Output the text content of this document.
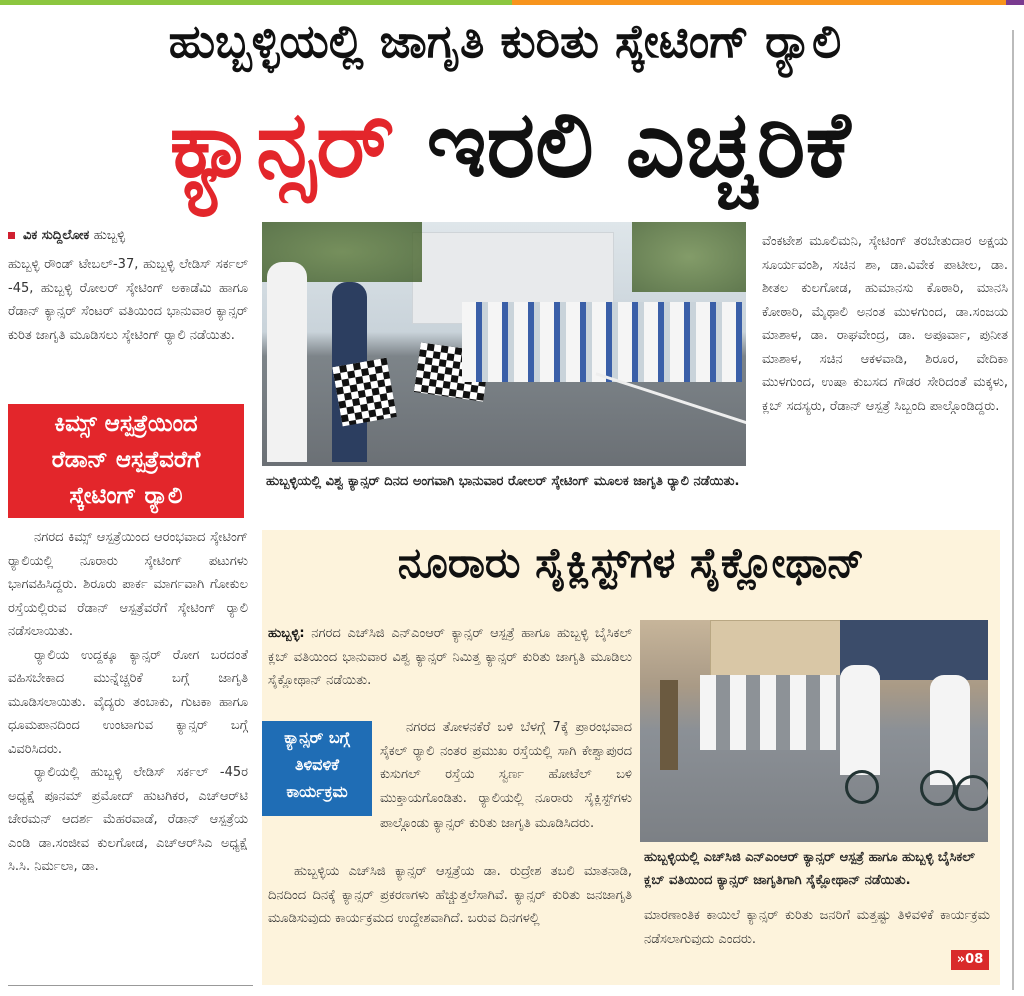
ಹುಬ್ಬಳ್ಳಿಯಲ್ಲಿ ಜಾಗೃತಿ ಕುರಿತು ಸ್ಕೇಟಿಂಗ್ ರ‍್ಯಾಲಿ
ಕ್ಯಾನ್ಸರ್ ಇರಲಿ ಎಚ್ಚರಿಕೆ
ವಿಕ ಸುದ್ದಿಲೋಕ ಹುಬ್ಬಳ್ಳಿ

ಹುಬ್ಬಳ್ಳಿ ರೌಂಡ್ ಟೇಬಲ್-37, ಹುಬ್ಬಳ್ಳಿ ಲೇಡಿಸ್ ಸರ್ಕಲ್ -45, ಹುಬ್ಬಳ್ಳಿ ರೋಲರ್ ಸ್ಕೇಟಿಂಗ್ ಅಕಾಡೆಮಿ ಹಾಗೂ ರೆಡಾನ್ ಕ್ಯಾನ್ಸರ್ ಸೆಂಟರ್ ವತಿಯಿಂದ ಭಾನುವಾರ ಕ್ಯಾನ್ಸರ್ ಕುರಿತ ಜಾಗೃತಿ ಮೂಡಿಸಲು ಸ್ಕೇಟಿಂಗ್ ರ‍್ಯಾಲಿ ನಡೆಯಿತು.

ಕಿಮ್ಸ್ ಆಸ್ಪತ್ರೆಯಿಂದ
ರೆಡಾನ್ ಆಸ್ಪತ್ರೆವರೆಗೆ
ಸ್ಕೇಟಿಂಗ್ ರ‍್ಯಾಲಿ

ನಗರದ ಕಿಮ್ಸ್ ಆಸ್ಪತ್ರೆಯಿಂದ ಆರಂಭವಾದ ಸ್ಕೇಟಿಂಗ್ ರ‍್ಯಾಲಿಯಲ್ಲಿ ನೂರಾರು ಸ್ಕೇಟಿಂಗ್ ಪಟುಗಳು ಭಾಗವಹಿಸಿದ್ದರು. ಶಿರೂರು ಪಾರ್ಕ ಮಾರ್ಗವಾಗಿ ಗೋಕುಲ ರಸ್ತೆಯಲ್ಲಿರುವ ರೆಡಾನ್ ಆಸ್ಪತ್ರೆವರೆಗೆ ಸ್ಕೇಟಿಂಗ್ ರ‍್ಯಾಲಿ ನಡೆಸಲಾಯಿತು.

ರ‍್ಯಾಲಿಯ ಉದ್ದಕ್ಕೂ ಕ್ಯಾನ್ಸರ್ ರೋಗ ಬರದಂತೆ ವಹಿಸಬೇಕಾದ ಮುನ್ನೆಚ್ಚರಿಕೆ ಬಗ್ಗೆ ಜಾಗೃತಿ ಮೂಡಿಸಲಾಯಿತು. ವೈದ್ಯರು ತಂಬಾಕು, ಗುಟಕಾ ಹಾಗೂ ಧೂಮಪಾನದಿಂದ ಉಂಟಾಗುವ ಕ್ಯಾನ್ಸರ್ ಬಗ್ಗೆ ವಿವರಿಸಿದರು.

ರ‍್ಯಾಲಿಯಲ್ಲಿ ಹುಬ್ಬಳ್ಳಿ ಲೇಡಿಸ್ ಸರ್ಕಲ್ -45ರ ಅಧ್ಯಕ್ಷೆ ಪೂನಮ್ ಪ್ರಮೋದ್ ಹುಟಗಿಕರ, ಎಚ್‌ಆರ್‌ಟಿ ಚೇರಮನ್ ಆದರ್ಶ ಮೆಹರವಾಡೆ, ರೆಡಾನ್ ಆಸ್ಪತ್ರೆಯ ಎಂಡಿ ಡಾ.ಸಂಜೀವ ಕುಲಗೋಡ, ಎಚ್‌ಆರ್‌ಸಿಎ ಅಧ್ಯಕ್ಷೆ ಸಿ.ಸಿ. ನಿರ್ಮಲಾ, ಡಾ.

ಹುಬ್ಬಳ್ಳಿಯಲ್ಲಿ ವಿಶ್ವ ಕ್ಯಾನ್ಸರ್ ದಿನದ ಅಂಗವಾಗಿ ಭಾನುವಾರ ರೋಲರ್ ಸ್ಕೇಟಿಂಗ್ ಮೂಲಕ ಜಾಗೃತಿ ರ‍್ಯಾಲಿ ನಡೆಯಿತು.

ವೆಂಕಟೇಶ ಮೂಲಿಮನಿ, ಸ್ಕೇಟಿಂಗ್ ತರಬೇತುದಾರ ಅಕ್ಷಯ ಸೂರ್ಯವಂಶಿ, ಸಚಿನ ಶಾ, ಡಾ.ವಿವೇಕ ಪಾಟೀಲ, ಡಾ. ಶೀತಲ ಕುಲಗೋಡ, ಹುಮಾನಸು ಕೊಠಾರಿ, ಮಾನಸಿ ಕೋಠಾರಿ, ಮೈಥಾಲಿ ಅನಂತ ಮುಳಗುಂದ, ಡಾ.ಸಂಜಯ ಮಾಶಾಳ, ಡಾ. ರಾಘವೇಂದ್ರ, ಡಾ. ಅಪೂರ್ವಾ, ಪುನೀತ ಮಾಶಾಳ, ಸಚಿನ ಆಕಳವಾಡಿ, ಶಿರೂರ, ವೇದಿಕಾ ಮುಳಗುಂದ, ಉಷಾ ಕುಬಸದ ಗೌಡರ ಸೇರಿದಂತೆ ಮಕ್ಕಳು, ಕ್ಲಬ್ ಸದಸ್ಯರು, ರೆಡಾನ್ ಆಸ್ಪತ್ರೆ ಸಿಬ್ಬಂದಿ ಪಾಲ್ಗೊಂಡಿದ್ದರು.

ನೂರಾರು ಸೈಕ್ಲಿಸ್ಟ್‌ಗಳ ಸೈಕ್ಲೋಥಾನ್

ಹುಬ್ಬಳ್ಳಿ: ನಗರದ ಎಚ್‌ಸಿಜಿ ಎನ್‌ಎಂಆರ್ ಕ್ಯಾನ್ಸರ್ ಆಸ್ಪತ್ರೆ ಹಾಗೂ ಹುಬ್ಬಳ್ಳಿ ಬೈಸಿಕಲ್ ಕ್ಲಬ್ ವತಿಯಿಂದ ಭಾನುವಾರ ವಿಶ್ವ ಕ್ಯಾನ್ಸರ್ ನಿಮಿತ್ತ ಕ್ಯಾನ್ಸರ್ ಕುರಿತು ಜಾಗೃತಿ ಮೂಡಿಲು ಸೈಕ್ಲೋಥಾನ್ ನಡೆಯಿತು.

ಕ್ಯಾನ್ಸರ್ ಬಗ್ಗೆ
ತಿಳಿವಳಿಕೆ
ಕಾರ್ಯಕ್ರಮ

ನಗರದ ತೋಳನಕೆರೆ ಬಳಿ ಬೆಳಗ್ಗೆ 7ಕ್ಕೆ ಪ್ರಾರಂಭವಾದ ಸೈಕಲ್ ರ‍್ಯಾಲಿ ನಂತರ ಪ್ರಮುಖ ರಸ್ತೆಯಲ್ಲಿ ಸಾಗಿ ಕೇಶ್ವಾಪುರದ ಕುಸುಗಲ್ ರಸ್ತೆಯ ಸ್ವರ್ಣ ಹೋಟೆಲ್ ಬಳಿ ಮುಕ್ತಾಯಗೊಂಡಿತು. ರ‍್ಯಾಲಿಯಲ್ಲಿ ನೂರಾರು ಸೈಕ್ಲಿಸ್ಟ್‌ಗಳು

ಪಾಲ್ಗೊಂಡು ಕ್ಯಾನ್ಸರ್ ಕುರಿತು ಜಾಗೃತಿ ಮೂಡಿಸಿದರು.

ಹುಬ್ಬಳ್ಳಿಯ ಎಚ್‌ಸಿಜಿ ಕ್ಯಾನ್ಸರ್ ಆಸ್ಪತ್ರೆಯ ಡಾ. ರುದ್ರೇಶ ತಬಲಿ ಮಾತನಾಡಿ, ದಿನದಿಂದ ದಿನಕ್ಕೆ ಕ್ಯಾನ್ಸರ್ ಪ್ರಕರಣಗಳು ಹೆಚ್ಚುತ್ತಲೆಸಾಗಿವೆ. ಕ್ಯಾನ್ಸರ್ ಕುರಿತು ಜನಜಾಗೃತಿ ಮೂಡಿಸುವುದು ಕಾರ್ಯಕ್ರಮದ ಉದ್ದೇಶವಾಗಿದೆ. ಬರುವ ದಿನಗಳಲ್ಲಿ

ಹುಬ್ಬಳ್ಳಿಯಲ್ಲಿ ಎಚ್‌ಸಿಜಿ ಎನ್‌ಎಂಆರ್ ಕ್ಯಾನ್ಸರ್ ಆಸ್ಪತ್ರೆ ಹಾಗೂ ಹುಬ್ಬಳ್ಳಿ ಬೈಸಿಕಲ್ ಕ್ಲಬ್ ವತಿಯಿಂದ ಕ್ಯಾನ್ಸರ್ ಜಾಗೃತಿಗಾಗಿ ಸೈಕ್ಲೋಥಾನ್ ನಡೆಯಿತು.

ಮಾರಣಾಂತಿಕ ಕಾಯಿಲೆ ಕ್ಯಾನ್ಸರ್ ಕುರಿತು ಜನರಿಗೆ ಮತ್ತಷ್ಟು ತಿಳಿವಳಿಕೆ ಕಾರ್ಯಕ್ರಮ ನಡೆಸಲಾಗುವುದು ಎಂದರು.

»08
